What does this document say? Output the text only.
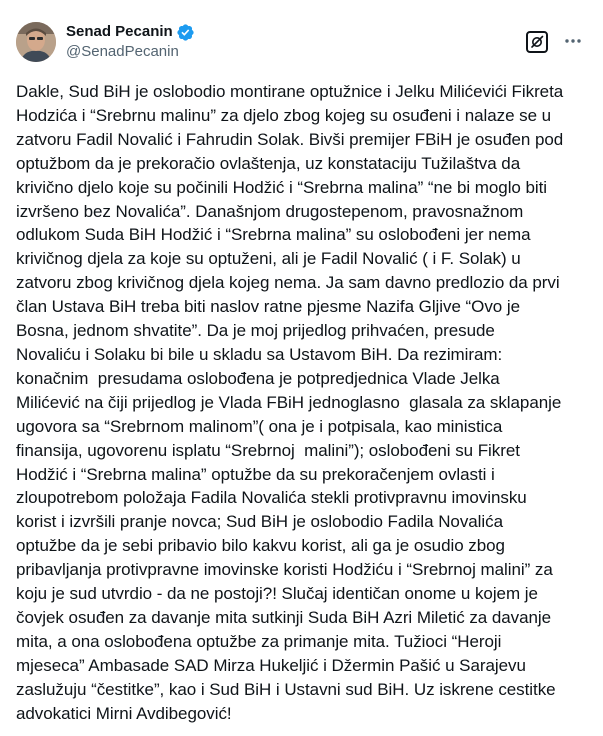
Senad Pecanin
@SenadPecanin

Dakle, Sud BiH je oslobodio montirane optužnice i Jelku Milićevići Fikreta
Hodzića i “Srebrnu malinu” za djelo zbog kojeg su osuđeni i nalaze se u
zatvoru Fadil Novalić i Fahrudin Solak. Bivši premijer FBiH je osuđen pod
optužbom da je prekoračio ovlaštenja, uz konstataciju Tužilaštva da
krivično djelo koje su počinili Hodžić i “Srebrna malina” “ne bi moglo biti
izvršeno bez Novalića”. Današnjom drugostepenom, pravosnažnom
odlukom Suda BiH Hodžić i “Srebrna malina” su oslobođeni jer nema
krivičnog djela za koje su optuženi, ali je Fadil Novalić ( i F. Solak) u
zatvoru zbog krivičnog djela kojeg nema. Ja sam davno predlozio da prvi
član Ustava BiH treba biti naslov ratne pjesme Nazifa Gljive “Ovo je
Bosna, jednom shvatite”. Da je moj prijedlog prihvaćen, presude
Novaliću i Solaku bi bile u skladu sa Ustavom BiH. Da rezimiram:
konačnim  presudama oslobođena je potpredjednica Vlade Jelka
Milićević na čiji prijedlog je Vlada FBiH jednoglasno  glasala za sklapanje
ugovora sa “Srebrnom malinom”( ona je i potpisala, kao ministica
finansija, ugovorenu isplatu “Srebrnoj  malini”); oslobođeni su Fikret
Hodžić i “Srebrna malina” optužbe da su prekoračenjem ovlasti i
zloupotrebom položaja Fadila Novalića stekli protivpravnu imovinsku
korist i izvršili pranje novca; Sud BiH je oslobodio Fadila Novalića
optužbe da je sebi pribavio bilo kakvu korist, ali ga je osudio zbog
pribavljanja protivpravne imovinske koristi Hodžiću i “Srebrnoj malini” za
koju je sud utvrdio - da ne postoji?! Slučaj identičan onome u kojem je
čovjek osuđen za davanje mita sutkinji Suda BiH Azri Miletić za davanje
mita, a ona oslobođena optužbe za primanje mita. Tužioci “Heroji
mjeseca” Ambasade SAD Mirza Hukeljić i Džermin Pašić u Sarajevu
zaslužuju “čestitke”, kao i Sud BiH i Ustavni sud BiH. Uz iskrene cestitke
advokatici Mirni Avdibegović!
